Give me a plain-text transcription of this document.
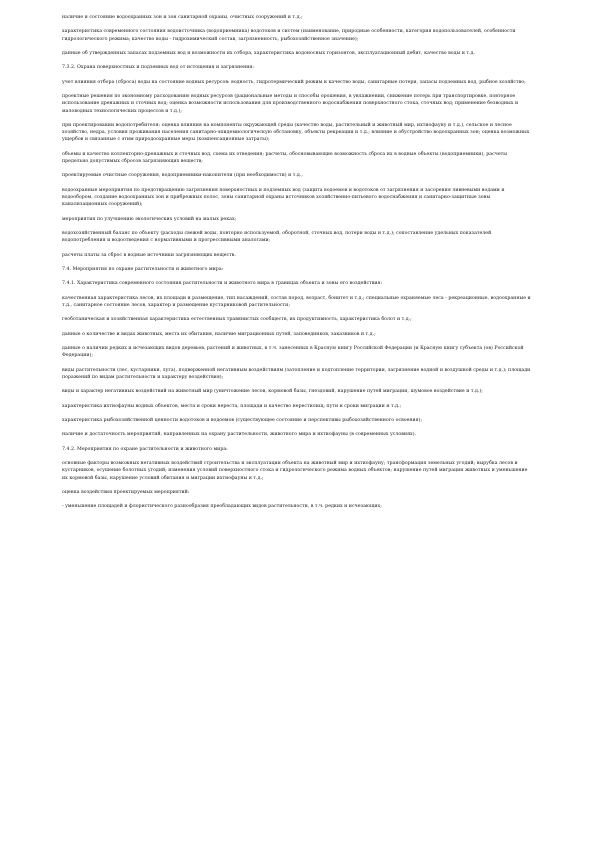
наличие и состояние водоохранных зон и зон санитарной охраны, очистных сооружений и т.д.;

характеристика современного состояния водоисточника (водоприемника) водотоков и систем (наименование, природные особенности, категория водопользователей, особенности гидрологического режима; качество воды - гидрохимический состав, загрязненность, рыбохозяйственное значение);

данные об утвержденных запасах подземных вод и возможности их отбора, характеристика водоносных горизонтов, эксплуатационный дебит, качество воды и т.д.

7.3.2. Охрана поверхностных и подземных вод от истощения и загрязнения:

учет влияния отбора (сброса) воды на состояние водных ресурсов: водность, гидротермический режим и качество воды, санитарные потери, запасы подземных вод, рыбное хозяйство;

проектные решения по экономному расходованию водных ресурсов (рациональные методы и способы орошения, в увлажнении, снижение потерь при транспортировке, повторное использование дренажных и сточных вод; оценка возможности использования для производственного водоснабжения поверхностного стока, сточных вод; применение безводных и маловодных технологических процессов и т.д.);

при проектировании водопотребителя: оценка влияния на компоненты окружающей среды (качество воды, растительный и животный мир, ихтиофауну и т.д.), сельское и лесное хозяйство, недра, условия проживания населения санитарно-эпидемиологическую обстановку, объекты рекреации и т.д.; влияние и обустройство водоохранных зон; оценка возможных ущербов и связанные с этим природоохранные меры (компенсационные затраты);

объемы и качество коллекторно-дренажных и сточных вод, схема их отведения; расчеты, обосновывающие возможность сброса их в водные объекты (водоприемники), расчеты предельно допустимых сбросов загрязняющих веществ;

проектируемые очистные сооружения, водоприемники-накопители (при необходимости) и т.д.,

водоохранные мероприятия по предотвращению загрязнения поверхностных и подземных вод (защита водоемов и водотоков от загрязнения и засорения ливневыми водами и водообором, создание водоохранных зон и прибрежных полос, зоны санитарной охраны источников хозяйственно-питьевого водоснабжения и санитарно-защитные зоны канализационных сооружений);

мероприятия по улучшению экологических условий на малых реках;

водохозяйственный баланс по объекту (расходы свежей воды, повторно используемой, оборотной, сточных вод, потери воды и т.д.); сопоставление удельных показателей водопотребления и водоотведения с нормативными и прогрессивными аналогами;

расчеты платы за сброс в водные источники загрязняющих веществ.

7.4. Мероприятия по охране растительности и животного мира:

7.4.1. Характеристика современного состояния растительности и животного мира в границах объекта и зоны его воздействия:

качественная характеристика лесов, их площади и размещение, тип насаждений, состав пород, возраст, бонитет и т.д.; специальные охраняемые леса - рекреационные, водоохранные и т.д., санитарное состояние лесов, характер и размещение кустарниковой растительности;

геоботаническая и хозяйственная характеристика естественных травянистых сообществ, их продуктивность, характеристика болот и т.д.;

данные о количестве и видах животных, места их обитания, наличие миграционных путей, заповедников, заказников и т.д.;

данные о наличии редких и исчезающих видов деревьев, растений и животных, в т.ч. занесенных в Красную книгу Российской Федерации (и Красную книгу субъекта (ов) Российской Федерации);

виды растительности (лес, кустарники, луга), подверженной негативным воздействиям (затопление и подтопление территории, загрязнение водной и воздушной среды и т.д.); площади поражений по видам растительности и характеру воздействия);

виды и характер негативных воздействий на животный мир (уничтожение лесов, кормовой базы, гнездовий, нарушение путей миграции, шумовое воздействие и т.д.);

характеристика ихтиофауны водных объектов, места и сроки нереста, площади и качество нерестилищ; пути и сроки миграции и т.д.;

характеристика рыбохозяйственной ценности водотоков и водоемов (существующее состояние и перспективы рыбохозяйственного освоения);

наличие и достаточность мероприятий, направленных на охрану растительности, животного мира и ихтиофауны (в современных условиях).

7.4.2. Мероприятия по охране растительности и животного мира:

основные факторы возможных негативных воздействий строительства и эксплуатации объекта на животный мир и ихтиофауну; трансформация земельных угодий; вырубка лесов и кустарников, осушение болотных угодий; изменения условий поверхностного стока и гидрологического режима водных объектов; нарушение путей миграции животных и уменьшение их кормовой базы, нарушение условий обитания и миграции ихтиофауны и т.д.;

оценка воздействия проектируемых мероприятий:

- уменьшение площадей и флористического разнообразия преобладающих видов растительности, в т.ч. редких и исчезающих;
